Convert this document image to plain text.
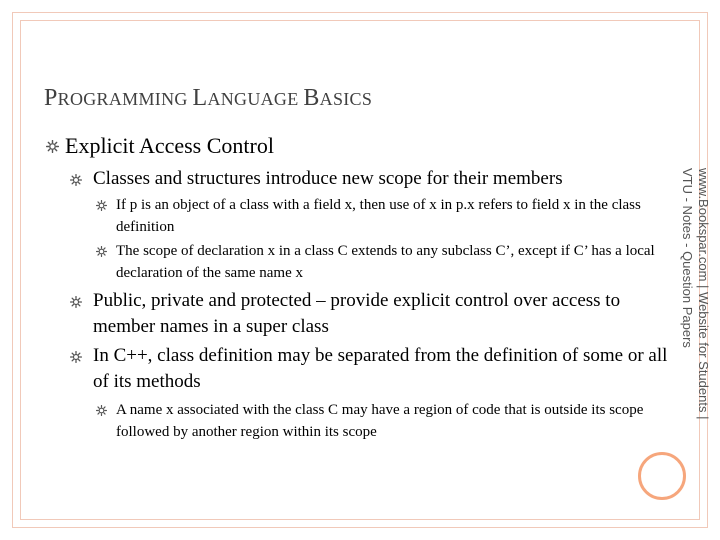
PROGRAMMING LANGUAGE BASICS
Explicit Access Control
Classes and structures introduce new scope for their members
If p is an object of a class with a field x, then use of x in p.x refers to field x in the class definition
The scope of declaration x in a class C extends to any subclass C’, except if C’ has a local declaration of the same name x
Public, private and protected – provide explicit control over access to member names in a super class
In C++, class definition may be separated from the definition of some or all of its methods
A name x associated with the class C may have a region of code that is outside its scope followed by another region within its scope
www.Bookspar.com | Website for Students |
VTU - Notes - Question Papers
